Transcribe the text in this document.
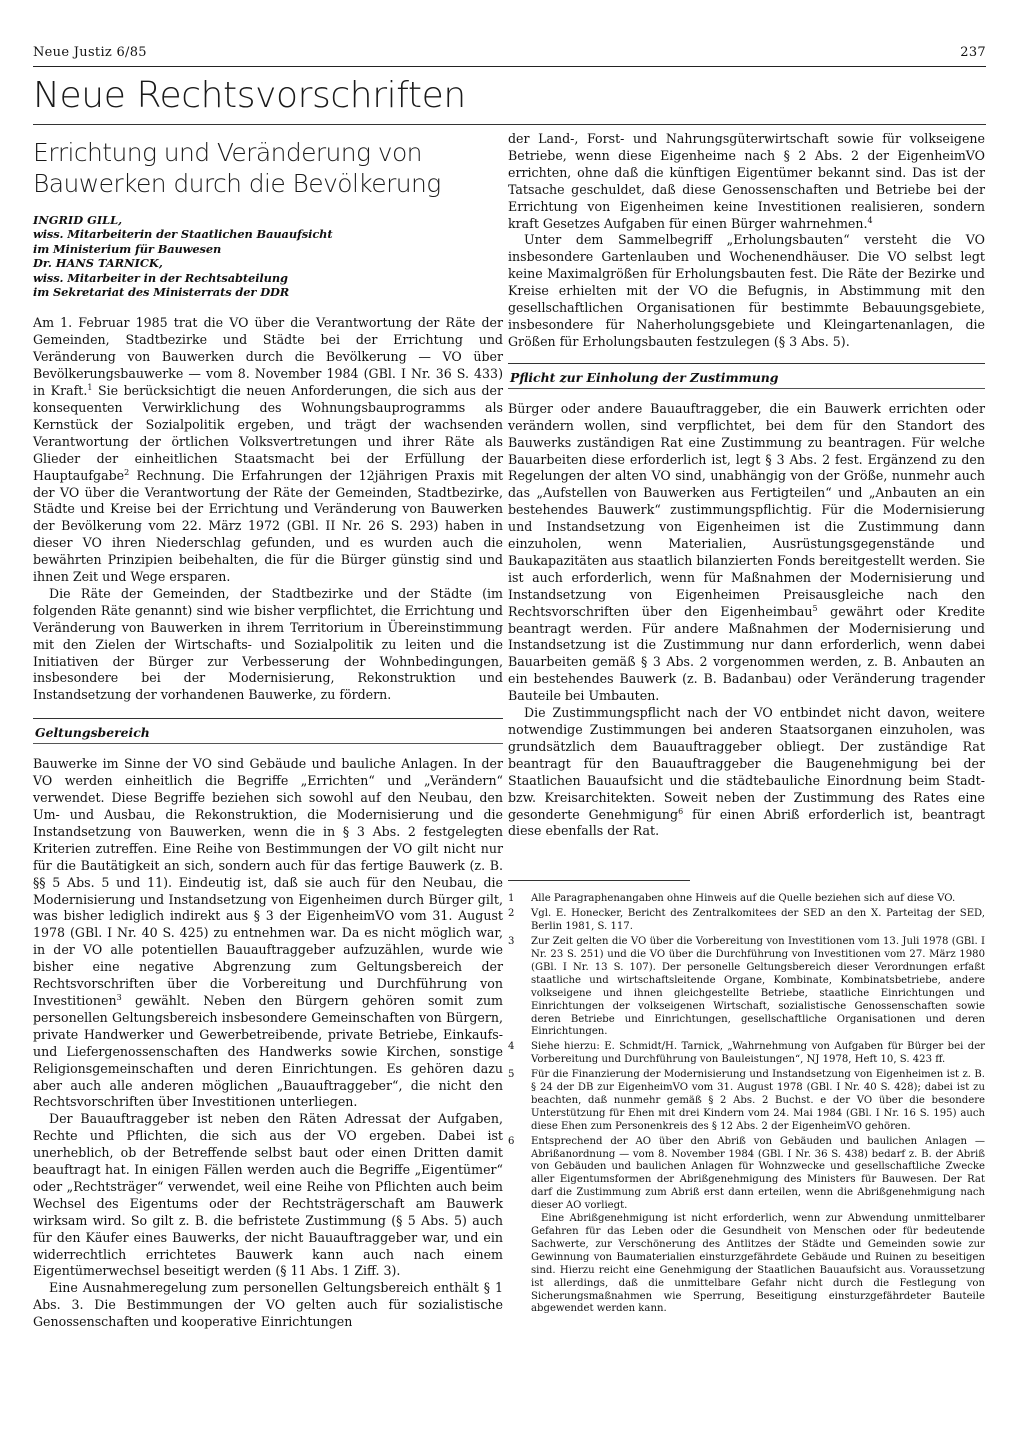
Neue Justiz 6/85	237
Neue Rechtsvorschriften
Errichtung und Veränderung von Bauwerken durch die Bevölkerung
INGRID GILL,
wiss. Mitarbeiterin der Staatlichen Bauaufsicht
im Ministerium für Bauwesen
Dr. HANS TARNICK,
wiss. Mitarbeiter in der Rechtsabteilung
im Sekretariat des Ministerrats der DDR

Am 1. Februar 1985 trat die VO über die Verantwortung der Räte der Gemeinden, Stadtbezirke und Städte bei der Errichtung und Veränderung von Bauwerken durch die Bevölkerung — VO über Bevölkerungsbauwerke — vom 8. November 1984 (GBl. I Nr. 36 S. 433) in Kraft.$^1$ Sie berücksichtigt die neuen Anforderungen, die sich aus der konsequenten Verwirklichung des Wohnungsbauprogramms als Kernstück der Sozialpolitik ergeben, und trägt der wachsenden Verantwortung der örtlichen Volksvertretungen und ihrer Räte als Glieder der einheitlichen Staatsmacht bei der Erfüllung der Hauptaufgabe$^2$ Rechnung. Die Erfahrungen der 12jährigen Praxis mit der VO über die Verantwortung der Räte der Gemeinden, Stadtbezirke, Städte und Kreise bei der Errichtung und Veränderung von Bauwerken der Bevölkerung vom 22. März 1972 (GBl. II Nr. 26 S. 293) haben in dieser VO ihren Niederschlag gefunden, und es wurden auch die bewährten Prinzipien beibehalten, die für die Bürger günstig sind und ihnen Zeit und Wege ersparen.

Die Räte der Gemeinden, der Stadtbezirke und der Städte (im folgenden Räte genannt) sind wie bisher verpflichtet, die Errichtung und Veränderung von Bauwerken in ihrem Territorium in Übereinstimmung mit den Zielen der Wirtschafts- und Sozialpolitik zu leiten und die Initiativen der Bürger zur Verbesserung der Wohnbedingungen, insbesondere bei der Modernisierung, Rekonstruktion und Instandsetzung der vorhandenen Bauwerke, zu fördern.

Geltungsbereich

Bauwerke im Sinne der VO sind Gebäude und bauliche Anlagen. In der VO werden einheitlich die Begriffe „Errichten“ und „Verändern“ verwendet. Diese Begriffe beziehen sich sowohl auf den Neubau, den Um- und Ausbau, die Rekonstruktion, die Modernisierung und die Instandsetzung von Bauwerken, wenn die in § 3 Abs. 2 festgelegten Kriterien zutreffen. Eine Reihe von Bestimmungen der VO gilt nicht nur für die Bautätigkeit an sich, sondern auch für das fertige Bauwerk (z. B. §§ 5 Abs. 5 und 11). Eindeutig ist, daß sie auch für den Neubau, die Modernisierung und Instandsetzung von Eigenheimen durch Bürger gilt, was bisher lediglich indirekt aus § 3 der EigenheimVO vom 31. August 1978 (GBl. I Nr. 40 S. 425) zu entnehmen war. Da es nicht möglich war, in der VO alle potentiellen Bauauftraggeber aufzuzählen, wurde wie bisher eine negative Abgrenzung zum Geltungsbereich der Rechtsvorschriften über die Vorbereitung und Durchführung von Investitionen$^3$ gewählt. Neben den Bürgern gehören somit zum personellen Geltungsbereich insbesondere Gemeinschaften von Bürgern, private Handwerker und Gewerbetreibende, private Betriebe, Einkaufs- und Liefergenossenschaften des Handwerks sowie Kirchen, sonstige Religionsgemeinschaften und deren Einrichtungen. Es gehören dazu aber auch alle anderen möglichen „Bauauftraggeber“, die nicht den Rechtsvorschriften über Investitionen unterliegen.

Der Bauauftraggeber ist neben den Räten Adressat der Aufgaben, Rechte und Pflichten, die sich aus der VO ergeben. Dabei ist unerheblich, ob der Betreffende selbst baut oder einen Dritten damit beauftragt hat. In einigen Fällen werden auch die Begriffe „Eigentümer“ oder „Rechtsträger“ verwendet, weil eine Reihe von Pflichten auch beim Wechsel des Eigentums oder der Rechtsträgerschaft am Bauwerk wirksam wird. So gilt z. B. die befristete Zustimmung (§ 5 Abs. 5) auch für den Käufer eines Bauwerks, der nicht Bauauftraggeber war, und ein widerrechtlich errichtetes Bauwerk kann auch nach einem Eigentümerwechsel beseitigt werden (§ 11 Abs. 1 Ziff. 3).

Eine Ausnahmeregelung zum personellen Geltungsbereich enthält § 1 Abs. 3. Die Bestimmungen der VO gelten auch für sozialistische Genossenschaften und kooperative Einrichtungen

der Land-, Forst- und Nahrungsgüterwirtschaft sowie für volkseigene Betriebe, wenn diese Eigenheime nach § 2 Abs. 2 der EigenheimVO errichten, ohne daß die künftigen Eigentümer bekannt sind. Das ist der Tatsache geschuldet, daß diese Genossenschaften und Betriebe bei der Errichtung von Eigenheimen keine Investitionen realisieren, sondern kraft Gesetzes Aufgaben für einen Bürger wahrnehmen.$^4$

Unter dem Sammelbegriff „Erholungsbauten“ versteht die VO insbesondere Gartenlauben und Wochenendhäuser. Die VO selbst legt keine Maximalgrößen für Erholungsbauten fest. Die Räte der Bezirke und Kreise erhielten mit der VO die Befugnis, in Abstimmung mit den gesellschaftlichen Organisationen für bestimmte Bebauungsgebiete, insbesondere für Naherholungsgebiete und Kleingartenanlagen, die Größen für Erholungsbauten festzulegen (§ 3 Abs. 5).

Pflicht zur Einholung der Zustimmung

Bürger oder andere Bauauftraggeber, die ein Bauwerk errichten oder verändern wollen, sind verpflichtet, bei dem für den Standort des Bauwerks zuständigen Rat eine Zustimmung zu beantragen. Für welche Bauarbeiten diese erforderlich ist, legt § 3 Abs. 2 fest. Ergänzend zu den Regelungen der alten VO sind, unabhängig von der Größe, nunmehr auch das „Aufstellen von Bauwerken aus Fertigteilen“ und „Anbauten an ein bestehendes Bauwerk“ zustimmungspflichtig. Für die Modernisierung und Instandsetzung von Eigenheimen ist die Zustimmung dann einzuholen, wenn Materialien, Ausrüstungsgegenstände und Baukapazitäten aus staatlich bilanzierten Fonds bereitgestellt werden. Sie ist auch erforderlich, wenn für Maßnahmen der Modernisierung und Instandsetzung von Eigenheimen Preisausgleiche nach den Rechtsvorschriften über den Eigenheimbau$^5$ gewährt oder Kredite beantragt werden. Für andere Maßnahmen der Modernisierung und Instandsetzung ist die Zustimmung nur dann erforderlich, wenn dabei Bauarbeiten gemäß § 3 Abs. 2 vorgenommen werden, z. B. Anbauten an ein bestehendes Bauwerk (z. B. Badanbau) oder Veränderung tragender Bauteile bei Umbauten.

Die Zustimmungspflicht nach der VO entbindet nicht davon, weitere notwendige Zustimmungen bei anderen Staatsorganen einzuholen, was grundsätzlich dem Bauauftraggeber obliegt. Der zuständige Rat beantragt für den Bauauftraggeber die Baugenehmigung bei der Staatlichen Bauaufsicht und die städtebauliche Einordnung beim Stadt- bzw. Kreisarchitekten. Soweit neben der Zustimmung des Rates eine gesonderte Genehmigung$^6$ für einen Abriß erforderlich ist, beantragt diese ebenfalls der Rat.

1	Alle Paragraphenangaben ohne Hinweis auf die Quelle beziehen sich auf diese VO.
2	Vgl. E. Honecker, Bericht des Zentralkomitees der SED an den X. Parteitag der SED, Berlin 1981, S. 117.
3	Zur Zeit gelten die VO über die Vorbereitung von Investitionen vom 13. Juli 1978 (GBl. I Nr. 23 S. 251) und die VO über die Durchführung von Investitionen vom 27. März 1980 (GBl. I Nr. 13 S. 107). Der personelle Geltungsbereich dieser Verordnungen erfaßt staatliche und wirtschaftsleitende Organe, Kombinate, Kombinatsbetriebe, andere volkseigene und ihnen gleichgestellte Betriebe, staatliche Einrichtungen und Einrichtungen der volkseigenen Wirtschaft, sozialistische Genossenschaften sowie deren Betriebe und Einrichtungen, gesellschaftliche Organisationen und deren Einrichtungen.
4	Siehe hierzu: E. Schmidt/H. Tarnick, „Wahrnehmung von Aufgaben für Bürger bei der Vorbereitung und Durchführung von Bauleistungen“, NJ 1978, Heft 10, S. 423 ff.
5	Für die Finanzierung der Modernisierung und Instandsetzung von Eigenheimen ist z. B. § 24 der DB zur EigenheimVO vom 31. August 1978 (GBl. I Nr. 40 S. 428); dabei ist zu beachten, daß nunmehr gemäß § 2 Abs. 2 Buchst. e der VO über die besondere Unterstützung für Ehen mit drei Kindern vom 24. Mai 1984 (GBl. I Nr. 16 S. 195) auch diese Ehen zum Personenkreis des § 12 Abs. 2 der EigenheimVO gehören.
6	Entsprechend der AO über den Abriß von Gebäuden und baulichen Anlagen — Abrißanordnung — vom 8. November 1984 (GBl. I Nr. 36 S. 438) bedarf z. B. der Abriß von Gebäuden und baulichen Anlagen für Wohnzwecke und gesellschaftliche Zwecke aller Eigentumsformen der Abrißgenehmigung des Ministers für Bauwesen. Der Rat darf die Zustimmung zum Abriß erst dann erteilen, wenn die Abrißgenehmigung nach dieser AO vorliegt.
Eine Abrißgenehmigung ist nicht erforderlich, wenn zur Abwendung unmittelbarer Gefahren für das Leben oder die Gesundheit von Menschen oder für bedeutende Sachwerte, zur Verschönerung des Antlitzes der Städte und Gemeinden sowie zur Gewinnung von Baumaterialien einsturzgefährdete Gebäude und Ruinen zu beseitigen sind. Hierzu reicht eine Genehmigung der Staatlichen Bauaufsicht aus. Voraussetzung ist allerdings, daß die unmittelbare Gefahr nicht durch die Festlegung von Sicherungsmaßnahmen wie Sperrung, Beseitigung einsturzgefährdeter Bauteile abgewendet werden kann.
